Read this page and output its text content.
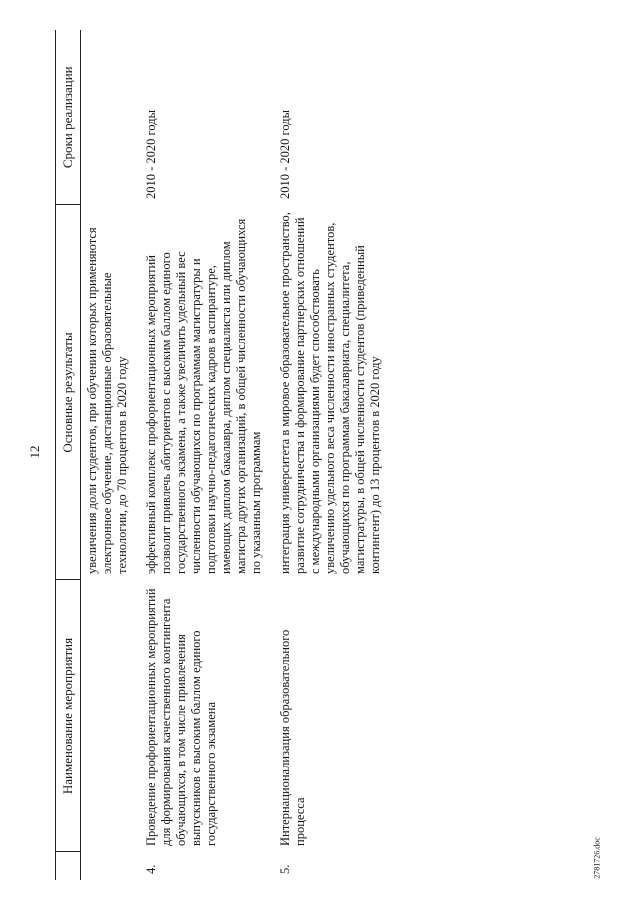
12
2781726.doc
	Наименование мероприятия	Основные результаты	Сроки реализации
		увеличения доли студентов, при обучении которых применяются электронное обучение, дистанционные образовательные технологии, до 70 процентов в 2020 году	
4.	Проведение профориентационных мероприятий для формирования качественного контингента обучающихся, в том числе привлечения выпускников с высоким баллом единого государственного экзамена	эффективный комплекс профориентационных мероприятий позволит привлечь абитуриентов с высоким баллом единого государственного экзамена, а также увеличить удельный вес численности обучающихся по программам магистратуры и подготовки научно-педагогических кадров в аспирантуре, имеющих диплом бакалавра, диплом специалиста или диплом магистра других организаций, в общей численности обучающихся по указанным программам	2010 - 2020 годы
5.	Интернационализация образовательного процесса	интеграция университета в мировое образовательное пространство, развитие сотрудничества и формирование партнерских отношений с международными организациями будет способствовать увеличению удельного веса численности иностранных студентов, обучающихся по программам бакалавриата, специалитета, магистратуры, в общей численности студентов (приведенный контингент) до 13 процентов в 2020 году	2010 - 2020 годы
